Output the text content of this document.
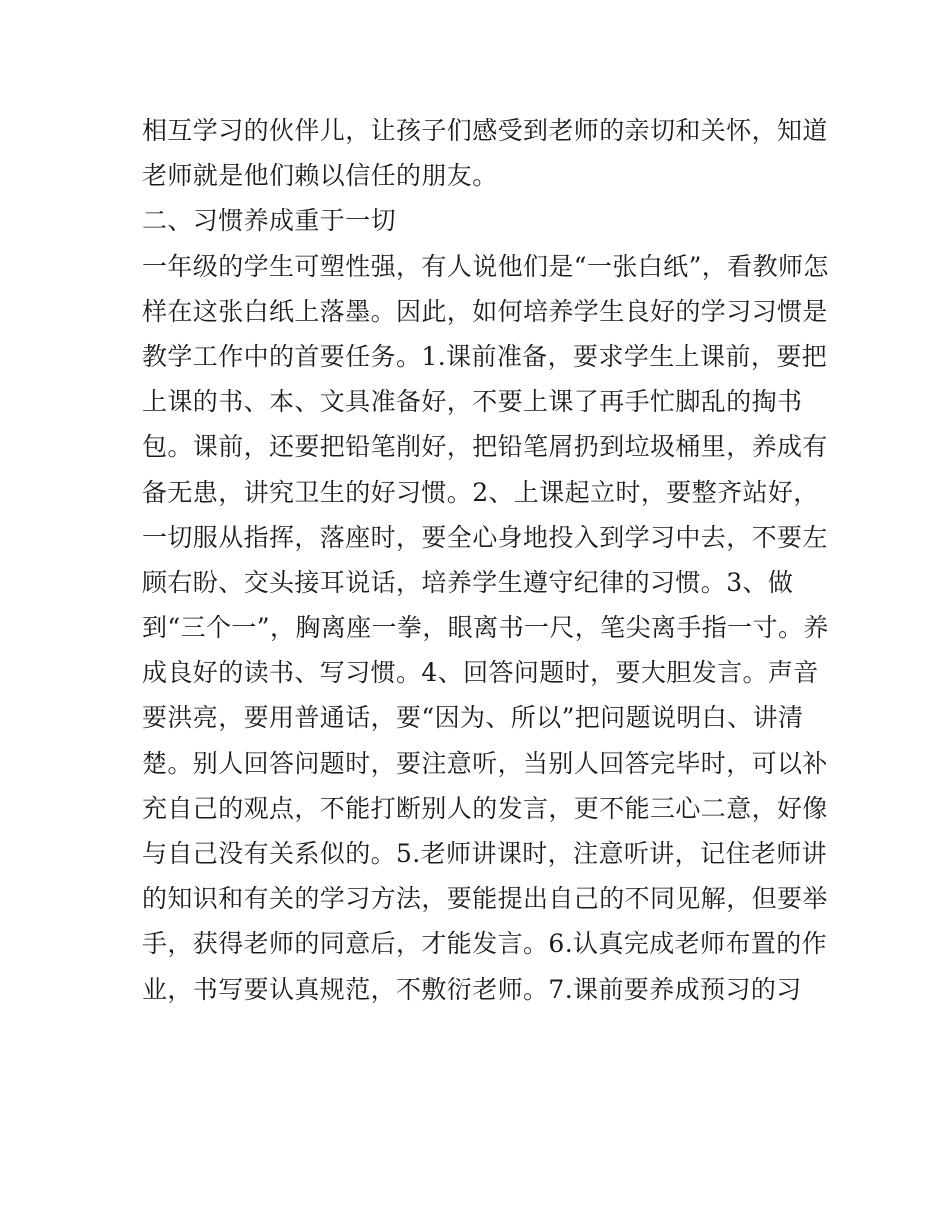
相互学习的伙伴儿，让孩子们感受到老师的亲切和关怀，知道
老师就是他们赖以信任的朋友。
二、习惯养成重于一切
一年级的学生可塑性强，有人说他们是“一张白纸”，看教师怎
样在这张白纸上落墨。因此，如何培养学生良好的学习习惯是
教学工作中的首要任务。1.课前准备，要求学生上课前，要把
上课的书、本、文具准备好，不要上课了再手忙脚乱的掏书
包。课前，还要把铅笔削好，把铅笔屑扔到垃圾桶里，养成有
备无患，讲究卫生的好习惯。2、上课起立时，要整齐站好，
一切服从指挥，落座时，要全心身地投入到学习中去，不要左
顾右盼、交头接耳说话，培养学生遵守纪律的习惯。3、做
到“三个一”，胸离座一拳，眼离书一尺，笔尖离手指一寸。养
成良好的读书、写习惯。4、回答问题时，要大胆发言。声音
要洪亮，要用普通话，要“因为、所以”把问题说明白、讲清
楚。别人回答问题时，要注意听，当别人回答完毕时，可以补
充自己的观点，不能打断别人的发言，更不能三心二意，好像
与自己没有关系似的。5.老师讲课时，注意听讲，记住老师讲
的知识和有关的学习方法，要能提出自己的不同见解，但要举
手，获得老师的同意后，才能发言。6.认真完成老师布置的作
业，书写要认真规范，不敷衍老师。7.课前要养成预习的习
